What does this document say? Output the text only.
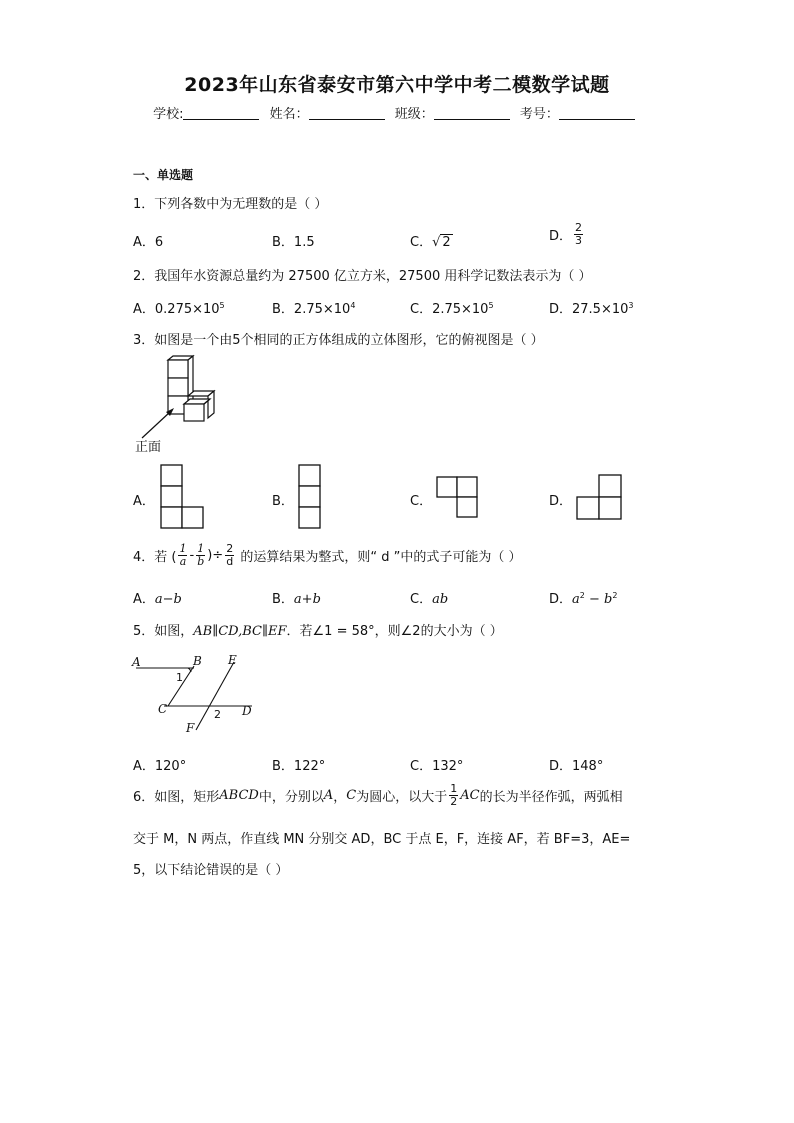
2023年山东省泰安市第六中学中考二模数学试题
学校:	姓名：	班级：	考号：
一、单选题
1．下列各数中为无理数的是（ ）
A．6	B．1.5	C．√ 2	D． $\frac{2}{3}$
2．我国年水资源总量约为 27500 亿立方米，27500 用科学记数法表示为（ ）
A．$0.275\times 10^5$	B．$2.75\times 10^4$	C．$2.75\times 10^5$	D．$27.5\times 10^3$
3．如图是一个由5个相同的正方体组成的立体图形，它的俯视图是（ ）
正面
A．	B．	C．	D．
4．若 ( $\frac{1}{a} - \frac{1}{b}$ )÷ $\frac{2}{d}$ 的运算结果为整式，则“ d ”中的式子可能为（ ）
A．a−b	B．a+b	C．ab	D．$a^2 - b^2$
5．如图，AB∥CD,BC∥EF．若∠1 = 58°，则∠2的大小为（ ）
A	B E
C	D
F
1
2
A．120°	B．122°	C．132°	D．148°
6．如图，矩形ABCD中，分别以A，C为圆心，以大于 $\frac{1}{2}$ AC的长为半径作弧，两弧相
交于 M，N 两点，作直线 MN 分别交 AD，BC 于点 E，F，连接 AF，若 BF=3，AE=
5，以下结论错误的是（ ）
